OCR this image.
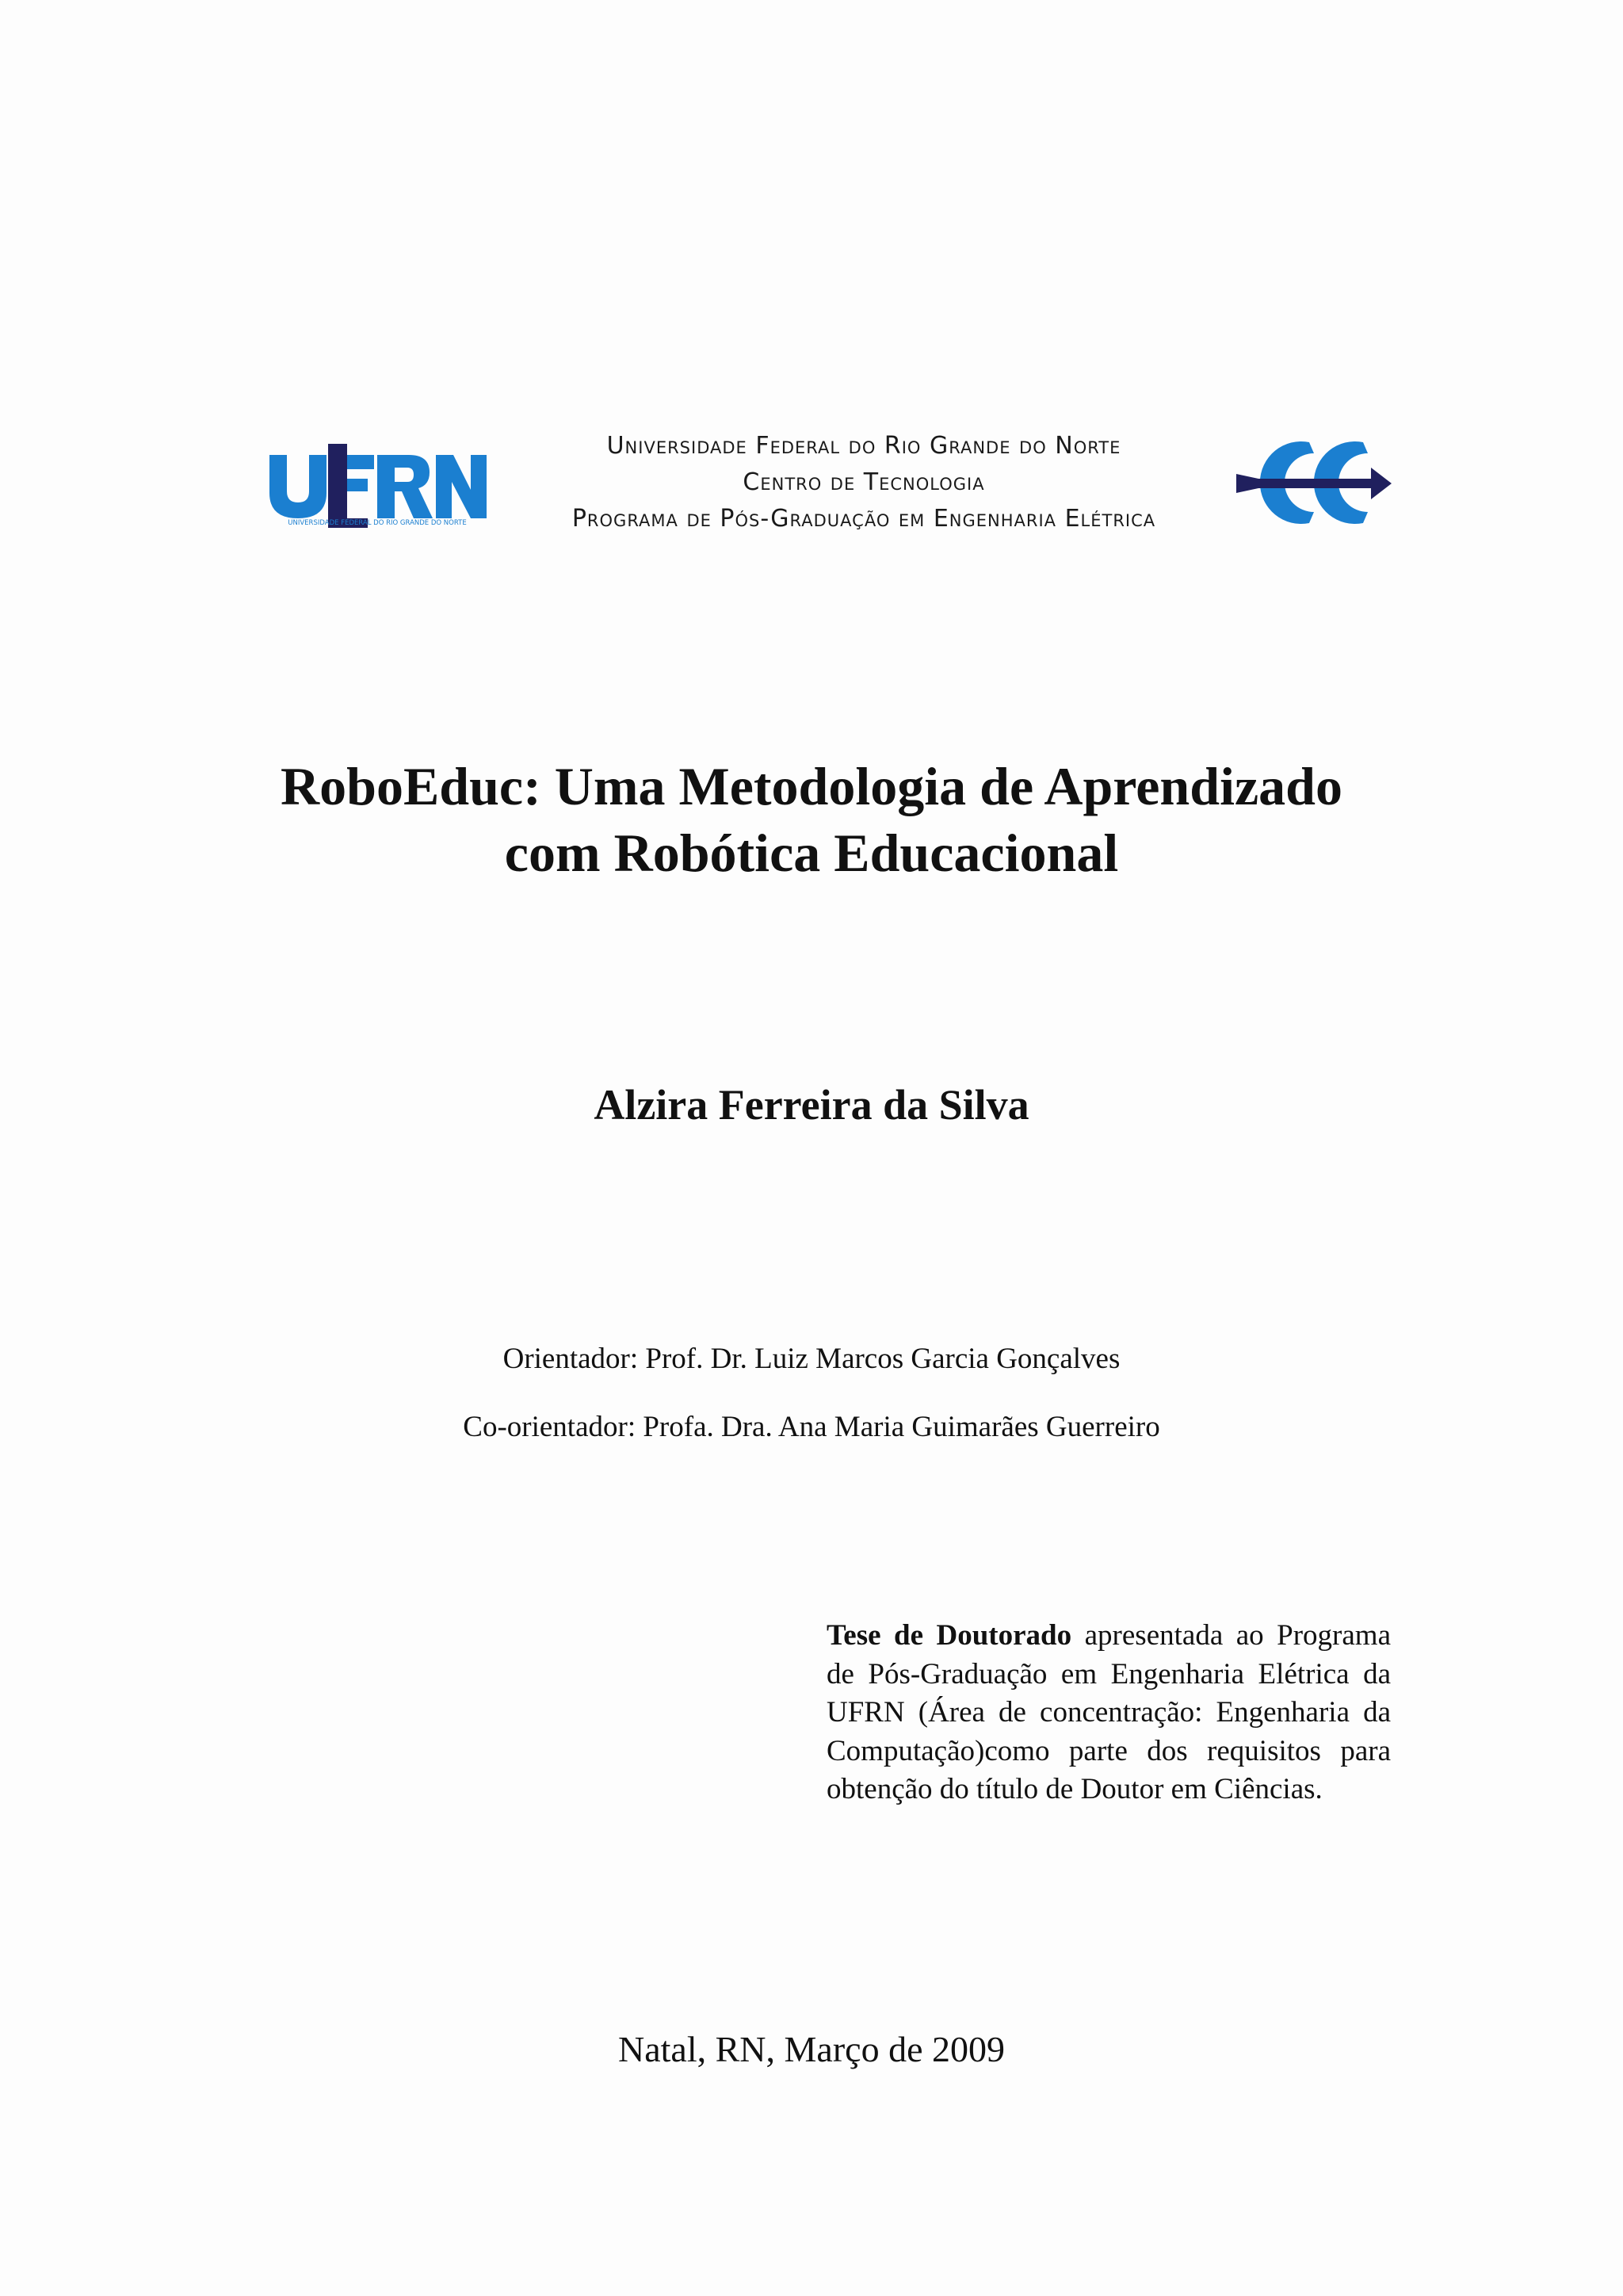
UNIVERSIDADE FEDERAL DO RIO GRANDE DO NORTE
Universidade Federal do Rio Grande do Norte
Centro de Tecnologia
Programa de Pós-Graduação em Engenharia Elétrica
RoboEduc: Uma Metodologia de Aprendizado
com Robótica Educacional
Alzira Ferreira da Silva
Orientador: Prof. Dr. Luiz Marcos Garcia Gonçalves
Co-orientador: Profa. Dra. Ana Maria Guimarães Guerreiro
Tese de Doutorado apresentada ao Programa de Pós-Graduação em Engenharia Elétrica da UFRN (Área de concentração: Engenharia da Computação)como parte dos requisitos para obtenção do título de Doutor em Ciências.
Natal, RN, Março de 2009
